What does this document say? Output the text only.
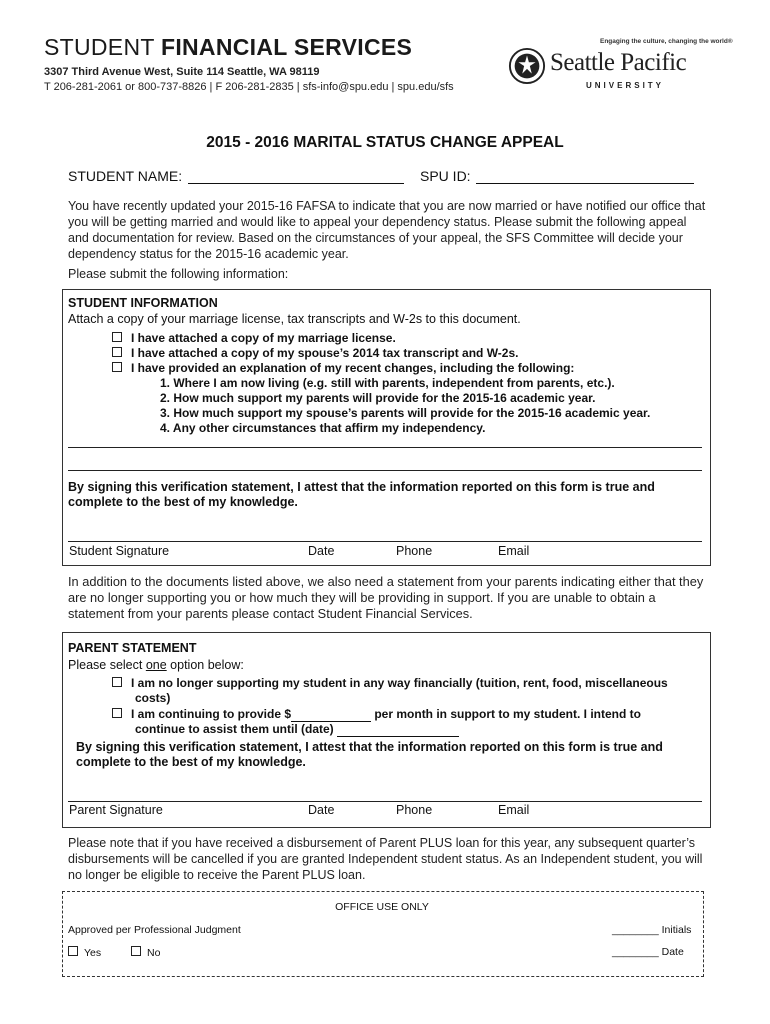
STUDENT FINANCIAL SERVICES
3307 Third Avenue West, Suite 114 Seattle, WA 98119
T 206-281-2061 or 800-737-8826 | F 206-281-2835 | sfs-info@spu.edu | spu.edu/sfs
Engaging the culture, changing the world®
Seattle Pacific
UNIVERSITY
2015 - 2016 MARITAL STATUS CHANGE APPEAL
STUDENT NAME:	SPU ID:
You have recently updated your 2015-16 FAFSA to indicate that you are now married or have notified our office that you will be getting married and would like to appeal your dependency status. Please submit the following appeal and documentation for review. Based on the circumstances of your appeal, the SFS Committee will decide your dependency status for the 2015-16 academic year.
Please submit the following information:
STUDENT INFORMATION
Attach a copy of your marriage license, tax transcripts and W-2s to this document.
I have attached a copy of my marriage license.
I have attached a copy of my spouse’s 2014 tax transcript and W-2s.
I have provided an explanation of my recent changes, including the following:
1. Where I am now living (e.g. still with parents, independent from parents, etc.).
2. How much support my parents will provide for the 2015-16 academic year.
3. How much support my spouse’s parents will provide for the 2015-16 academic year.
4. Any other circumstances that affirm my independency.
By signing this verification statement, I attest that the information reported on this form is true and
complete to the best of my knowledge.
Student Signature	Date	Phone	Email
In addition to the documents listed above, we also need a statement from your parents indicating either that they are no longer supporting you or how much they will be providing in support. If you are unable to obtain a statement from your parents please contact Student Financial Services.
PARENT STATEMENT
Please select one option below:
I am no longer supporting my student in any way financially (tuition, rent, food, miscellaneous
costs)
I am continuing to provide $	per month in support to my student. I intend to
continue to assist them until (date)
By signing this verification statement, I attest that the information reported on this form is true and
complete to the best of my knowledge.
Parent Signature	Date	Phone	Email
Please note that if you have received a disbursement of Parent PLUS loan for this year, any subsequent quarter’s disbursements will be cancelled if you are granted Independent student status. As an Independent student, you will no longer be eligible to receive the Parent PLUS loan.
OFFICE USE ONLY
Approved per Professional Judgment
Yes	No
________ Initials
________ Date
